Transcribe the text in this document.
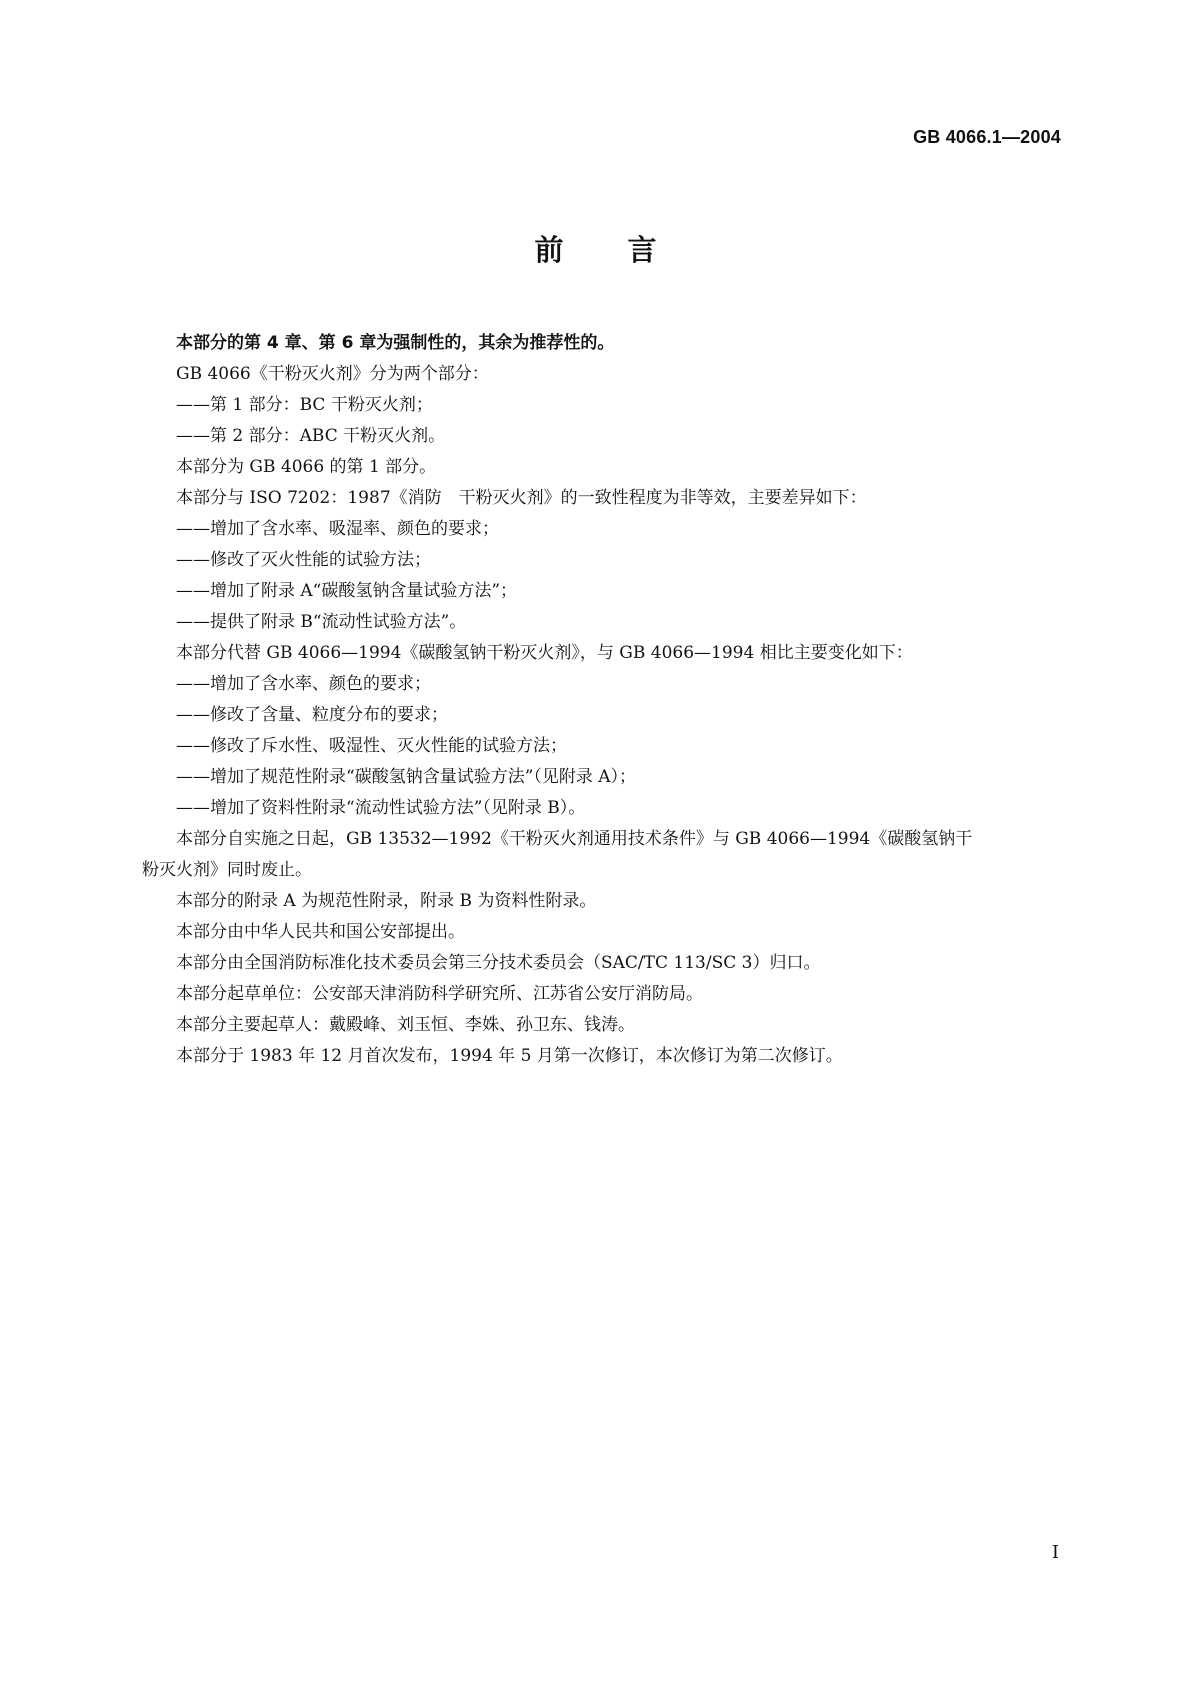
GB 4066.1—2004
前 言

本部分的第 4 章、第 6 章为强制性的，其余为推荐性的。

GB 4066《干粉灭火剂》分为两个部分：

——第 1 部分：BC 干粉灭火剂；

——第 2 部分：ABC 干粉灭火剂。

本部分为 GB 4066 的第 1 部分。

本部分与 ISO 7202：1987《消防　干粉灭火剂》的一致性程度为非等效，主要差异如下：

——增加了含水率、吸湿率、颜色的要求；

——修改了灭火性能的试验方法；

——增加了附录 A“碳酸氢钠含量试验方法”；

——提供了附录 B“流动性试验方法”。

本部分代替 GB 4066—1994《碳酸氢钠干粉灭火剂》，与 GB 4066—1994 相比主要变化如下：

——增加了含水率、颜色的要求；

——修改了含量、粒度分布的要求；

——修改了斥水性、吸湿性、灭火性能的试验方法；

——增加了规范性附录“碳酸氢钠含量试验方法”（见附录 A）；

——增加了资料性附录“流动性试验方法”（见附录 B）。

本部分自实施之日起，GB 13532—1992《干粉灭火剂通用技术条件》与 GB 4066—1994《碳酸氢钠干

粉灭火剂》同时废止。

本部分的附录 A 为规范性附录，附录 B 为资料性附录。

本部分由中华人民共和国公安部提出。

本部分由全国消防标准化技术委员会第三分技术委员会（SAC/TC 113/SC 3）归口。

本部分起草单位：公安部天津消防科学研究所、江苏省公安厅消防局。

本部分主要起草人：戴殿峰、刘玉恒、李姝、孙卫东、钱涛。

本部分于 1983 年 12 月首次发布，1994 年 5 月第一次修订，本次修订为第二次修订。

I
